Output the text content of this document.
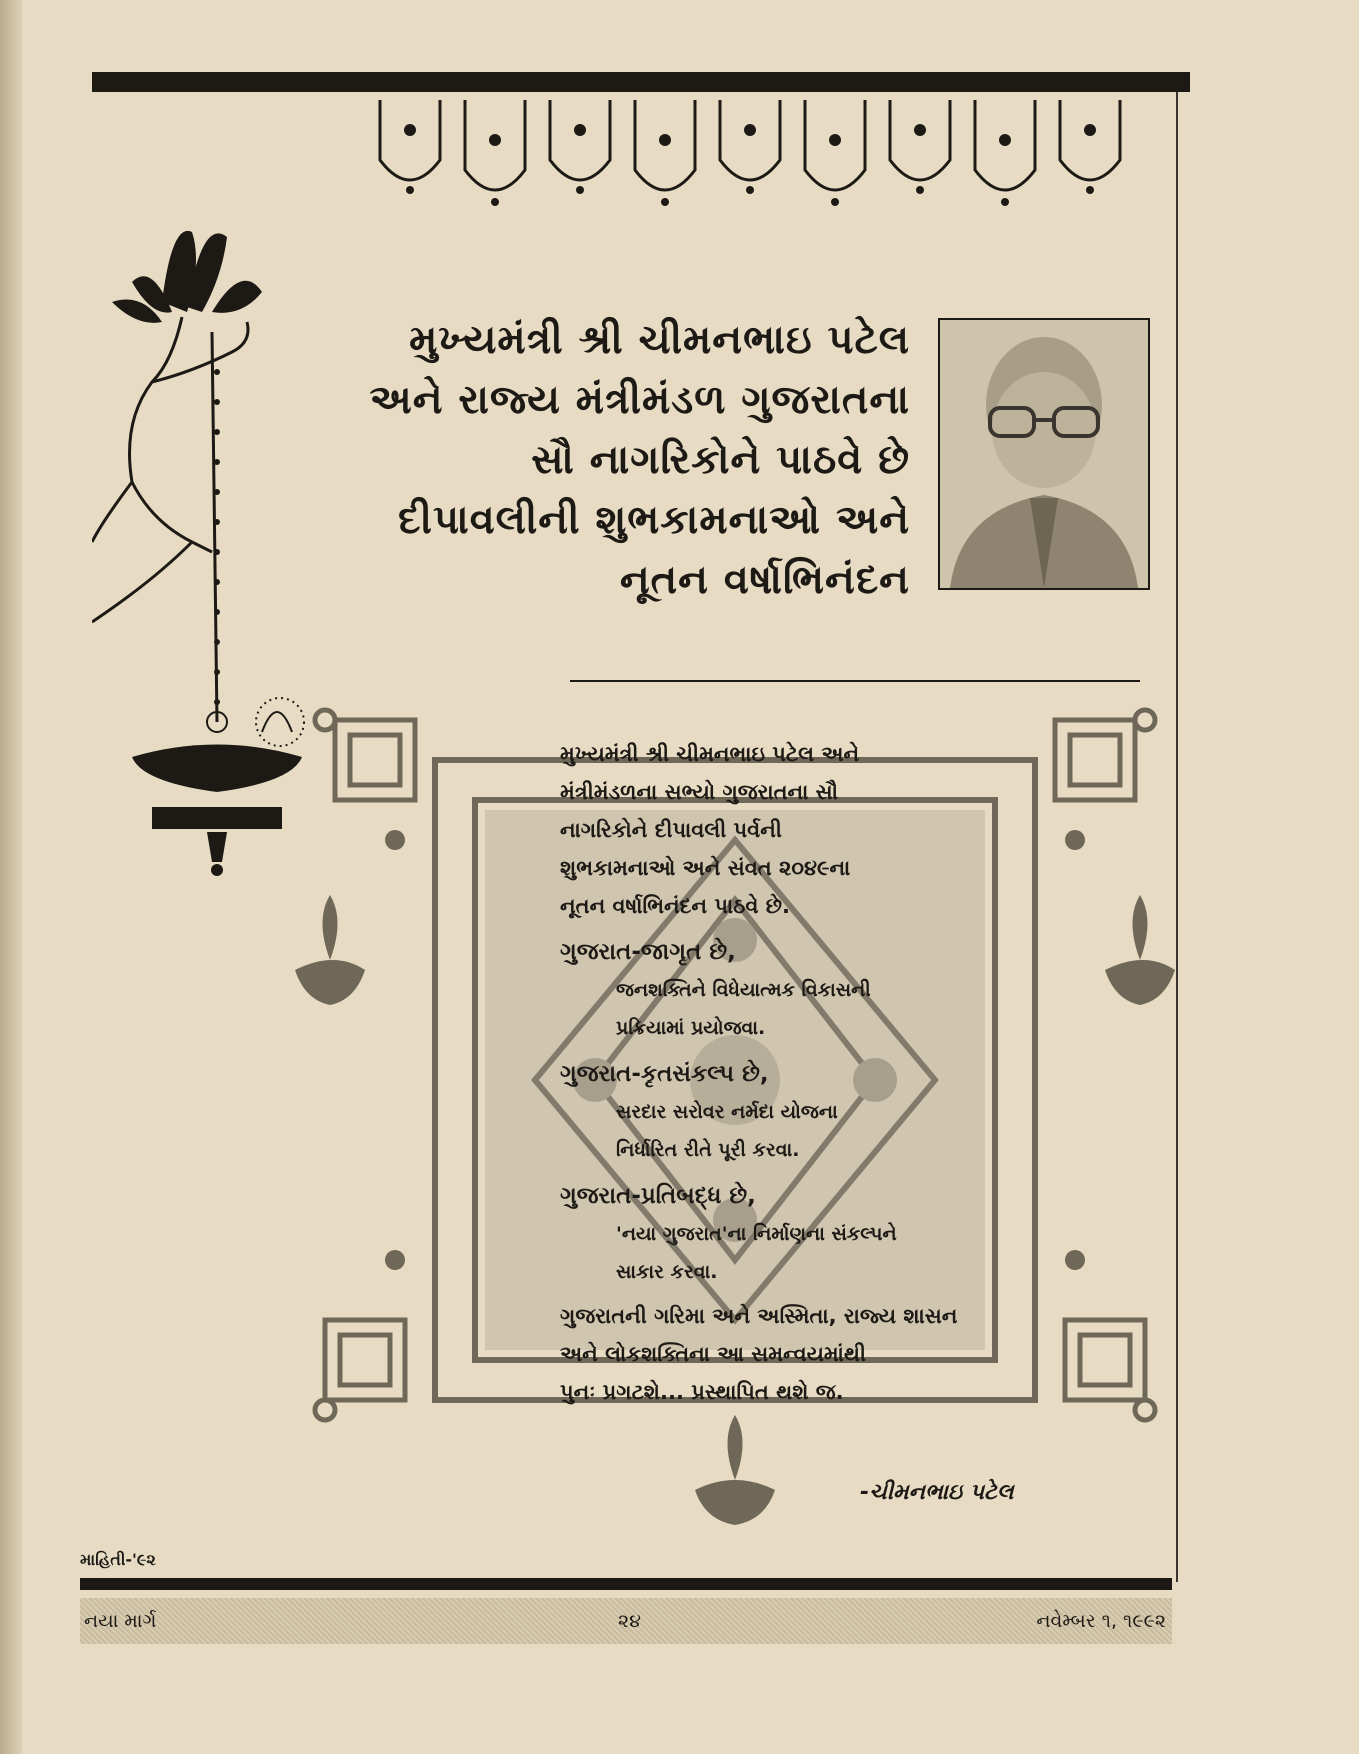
મુખ્યમંત્રી શ્રી ચીમનભાઇ પટેલ
અને રાજ્ય મંત્રીમંડળ ગુજરાતના
સૌ નાગરિકોને પાઠવે છે
દીપાવલીની શુભકામનાઓ અને
નૂતન વર્ષાભિનંદન
મુખ્યમંત્રી શ્રી ચીમનભાઇ પટેલ અને
મંત્રીમંડળના સભ્યો ગુજરાતના સૌ
નાગરિકોને દીપાવલી પર્વની
શુભકામનાઓ અને સંવત ૨૦૪૯ના
નૂતન વર્ષાભિનંદન પાઠવે છે.
ગુજરાત-જાગૃત છે,
જનશક્તિને વિધેયાત્મક વિકાસની
પ્રક્રિયામાં પ્રયોજવા.
ગુજરાત-કૃતસંકલ્પ છે,
સરદાર સરોવર નર્મદા યોજના
નિર્ધારિત રીતે પૂરી કરવા.
ગુજરાત-પ્રતિબદ્ધ છે,
'નયા ગુજરાત'ના નિર્માણના સંકલ્પને
સાકાર કરવા.
ગુજરાતની ગરિમા અને અસ્મિતા, રાજ્ય શાસન
અને લોકશક્તિના આ સમન્વયમાંથી
પુનઃ પ્રગટશે... પ્રસ્થાપિત થશે જ.
-ચીમનભાઇ પટેલ
માહિતી-'૯૨
નયા માર્ગ	૨૪	નવેમ્બર ૧, ૧૯૯૨
